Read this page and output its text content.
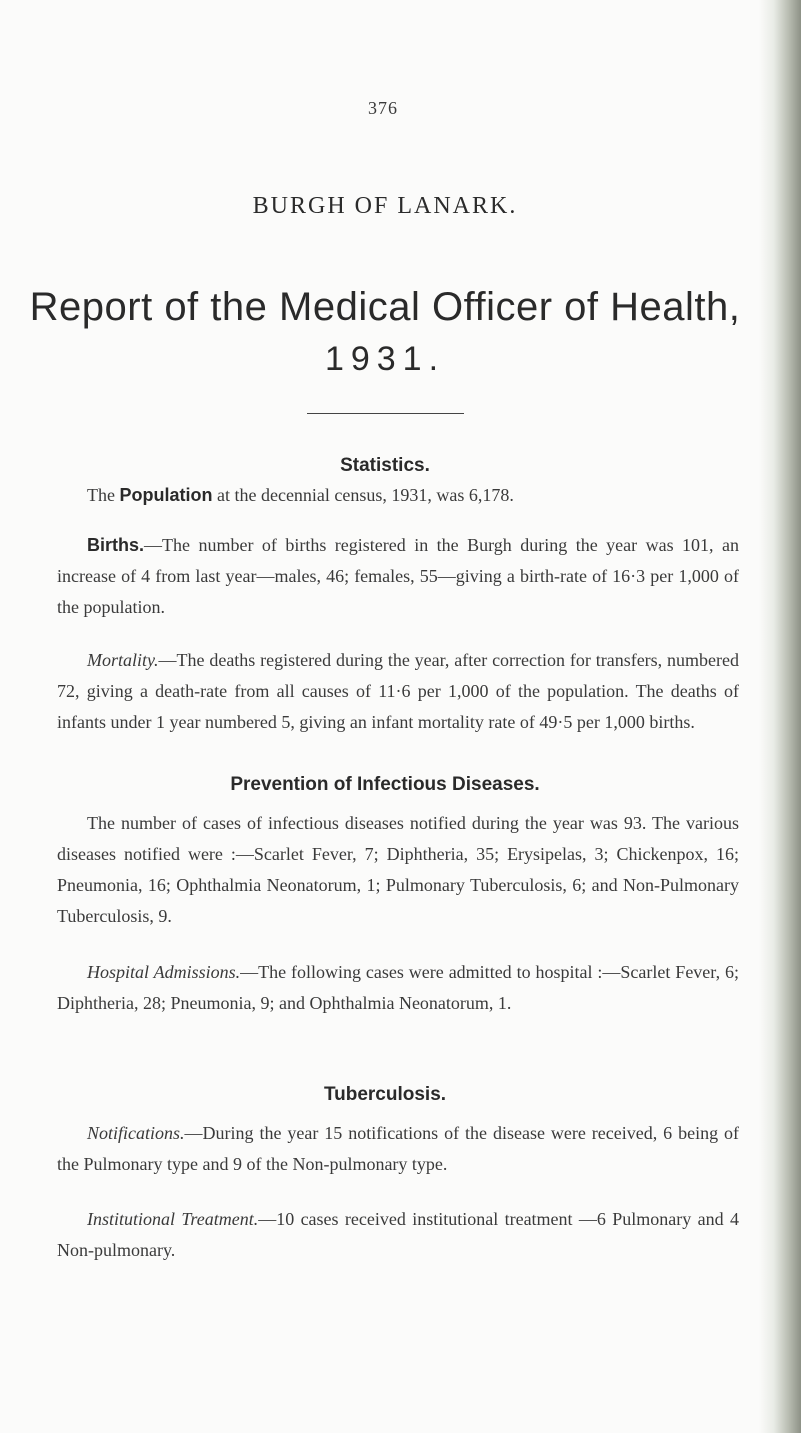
376
BURGH OF LANARK.
Report of the Medical Officer of Health,
1931.
Statistics.

The Population at the decennial census, 1931, was 6,178.

Births.—The number of births registered in the Burgh during the year was 101, an increase of 4 from last year—males, 46; females, 55—giving a birth-rate of 16·3 per 1,000 of the population.

Mortality.—The deaths registered during the year, after correction for transfers, numbered 72, giving a death-rate from all causes of 11·6 per 1,000 of the population. The deaths of infants under 1 year numbered 5, giving an infant mortality rate of 49·5 per 1,000 births.

Prevention of Infectious Diseases.

The number of cases of infectious diseases notified during the year was 93. The various diseases notified were :—Scarlet Fever, 7; Diphtheria, 35; Erysipelas, 3; Chickenpox, 16; Pneumonia, 16; Ophthalmia Neonatorum, 1; Pulmonary Tuberculosis, 6; and Non-Pulmonary Tuberculosis, 9.

Hospital Admissions.—The following cases were admitted to hospital :—Scarlet Fever, 6; Diphtheria, 28; Pneumonia, 9; and Ophthalmia Neonatorum, 1.

Tuberculosis.

Notifications.—During the year 15 notifications of the disease were received, 6 being of the Pulmonary type and 9 of the Non-pulmonary type.

Institutional Treatment.—10 cases received institutional treatment —6 Pulmonary and 4 Non-pulmonary.
